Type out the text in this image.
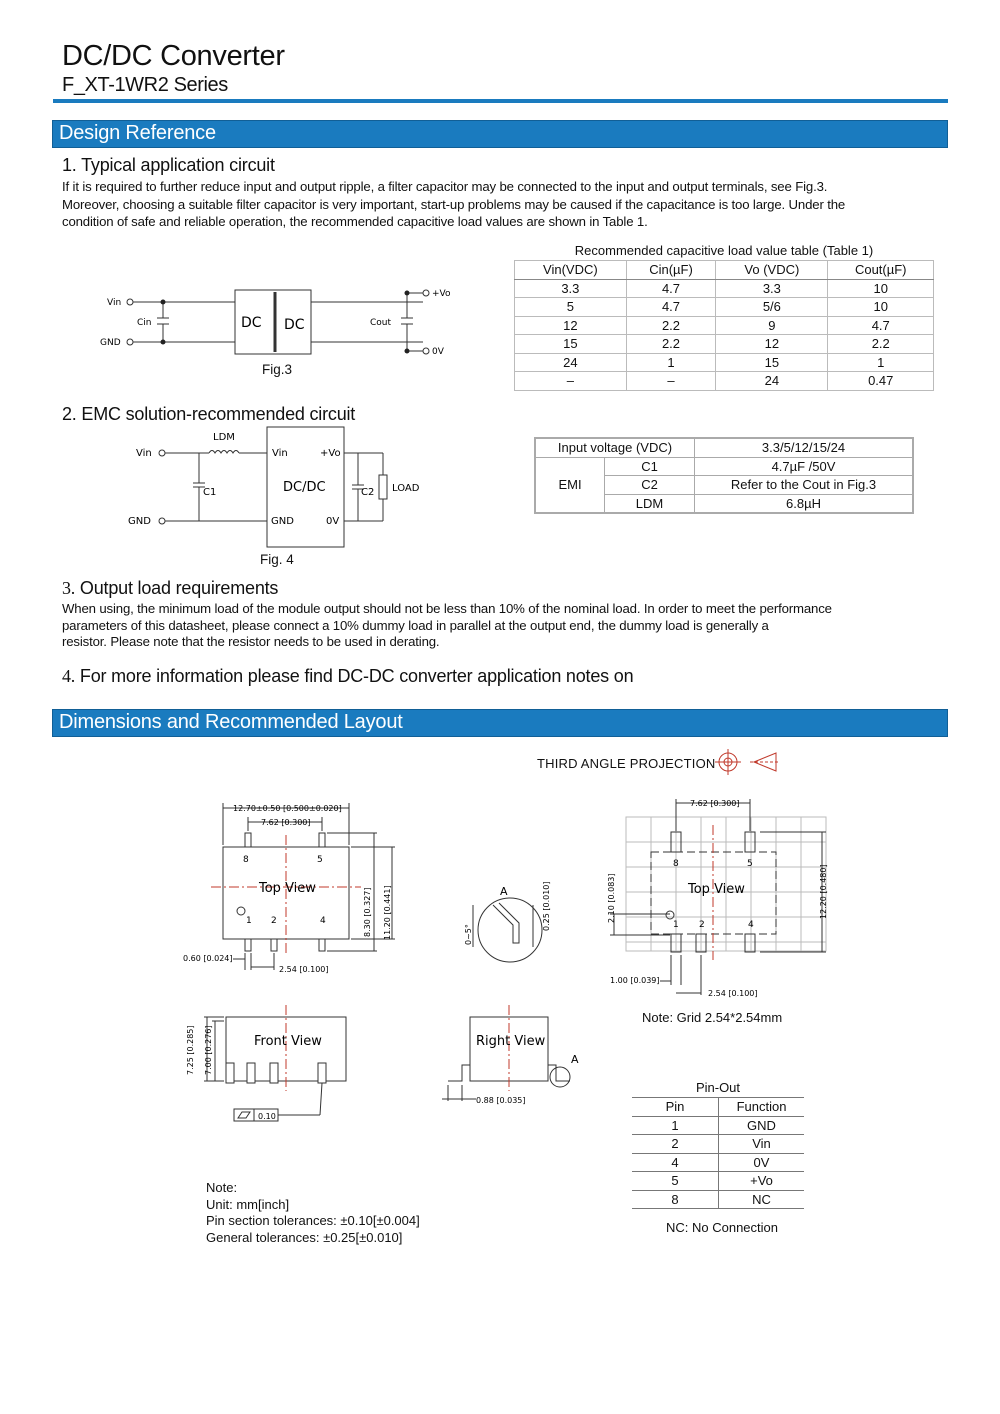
DC/DC Converter
F_XT-1WR2 Series
Design Reference
1. Typical application circuit
If it is required to further reduce input and output ripple, a filter capacitor may be connected to the input and output terminals, see Fig.3.
Moreover, choosing a suitable filter capacitor is very important, start-up problems may be caused if the capacitance is too large. Under the
condition of safe and reliable operation, the recommended capacitive load values are shown in Table 1.
Vin
Cin
GND
DC DC	Cout
+Vo
0V
Fig.3
Recommended capacitive load value table (Table 1)
Vin(VDC)	Cin(µF)	Vo (VDC)	Cout(µF)
3.3	4.7	3.3	10
5	4.7	5/6	10
12	2.2	9	4.7
15	2.2	12	2.2
24	1	15	1
–	–	24	0.47
2. EMC solution-recommended circuit
LDM
Vin
GND
C1
Vin	+Vo
DC/DC
GND	0V
C2 LOAD
Fig. 4
Input voltage (VDC)		3.3/5/12/15/24
EMI	C1	4.7µF /50V
	C2	Refer to the Cout in Fig.3
	LDM	6.8µH
3. Output load requirements
When using, the minimum load of the module output should not be less than 10% of the nominal load. In order to meet the performance
parameters of this datasheet, please connect a 10% dummy load in parallel at the output end, the dummy load is generally a
resistor. Please note that the resistor needs to be used in derating.
4. For more information please find DC-DC converter application notes on
Dimensions and Recommended Layout
THIRD ANGLE PROJECTION
12.70±0.50 [0.500±0.020]
7.62 [0.300]
8	5
Top View
1 2	4	8.30 [0.327] 11.20 [0.441]
0.60 [0.024]
2.54 [0.100]
A
0~5°
0.25 [0.010]
7.62 [0.300]
8	5
Top View
1 2	4
2.10 [0.083]	12.20 [0.480]
1.00 [0.039]
2.54 [0.100]
Note: Grid 2.54*2.54mm
Front View
7.25 [0.285] 7.00 [0.276]
0.10
Right View
A
0.88 [0.035]
Pin-Out
Pin	Function
1	GND
2	Vin
4	0V
5	+Vo
8	NC
NC: No Connection
Note:
Unit: mm[inch]
Pin section tolerances: ±0.10[±0.004]
General tolerances: ±0.25[±0.010]
